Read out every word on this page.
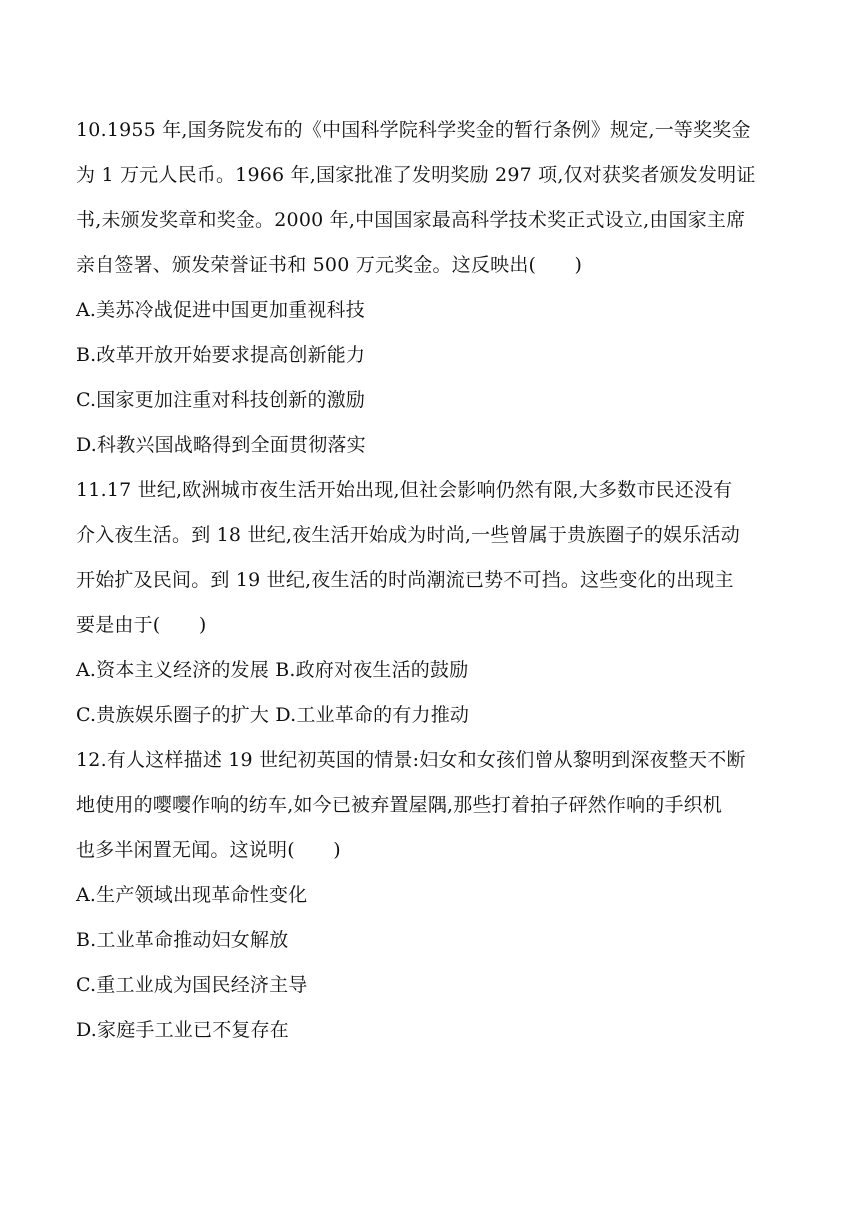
10.1955 年,国务院发布的《中国科学院科学奖金的暂行条例》规定,一等奖奖金
为 1 万元人民币。1966 年,国家批准了发明奖励 297 项,仅对获奖者颁发发明证
书,未颁发奖章和奖金。2000 年,中国国家最高科学技术奖正式设立,由国家主席
亲自签署、颁发荣誉证书和 500 万元奖金。这反映出(　　)
A.美苏冷战促进中国更加重视科技
B.改革开放开始要求提高创新能力
C.国家更加注重对科技创新的激励
D.科教兴国战略得到全面贯彻落实
11.17 世纪,欧洲城市夜生活开始出现,但社会影响仍然有限,大多数市民还没有
介入夜生活。到 18 世纪,夜生活开始成为时尚,一些曾属于贵族圈子的娱乐活动
开始扩及民间。到 19 世纪,夜生活的时尚潮流已势不可挡。这些变化的出现主
要是由于(　　)
A.资本主义经济的发展 B.政府对夜生活的鼓励
C.贵族娱乐圈子的扩大 D.工业革命的有力推动
12.有人这样描述 19 世纪初英国的情景:妇女和女孩们曾从黎明到深夜整天不断
地使用的嘤嘤作响的纺车,如今已被弃置屋隅,那些打着拍子砰然作响的手织机
也多半闲置无闻。这说明(　　)
A.生产领域出现革命性变化
B.工业革命推动妇女解放
C.重工业成为国民经济主导
D.家庭手工业已不复存在
